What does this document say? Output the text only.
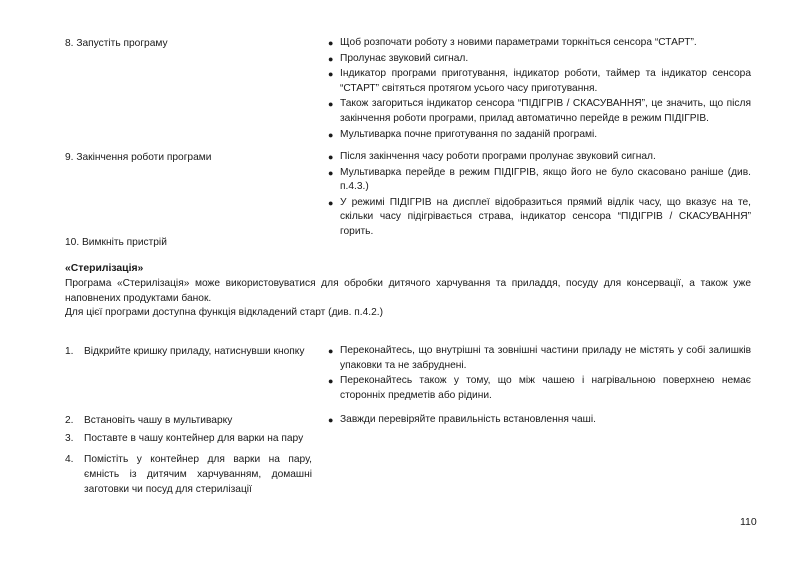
8. Запустіть програму	● Щоб розпочати роботу з новими параметрами торкніться сенсора “СТАРТ”.
● Пролунає звуковий сигнал.
● Індикатор програми приготування, індикатор роботи, таймер та індикатор сенсора “СТАРТ” світяться протягом усього часу приготування.
● Також загориться індикатор сенсора “ПІДІГРІВ / СКАСУВАННЯ”, це значить, що після закінчення роботи програми, прилад автоматично перейде в режим ПІДІГРІВ.
● Мультиварка почне приготування по заданій програмі.
9. Закінчення роботи програми	● Після закінчення часу роботи програми пролунає звуковий сигнал.
● Мультиварка перейде в режим ПІДІГРІВ, якщо його не було скасовано раніше (див. п.4.3.)
● У режимі ПІДІГРІВ на дисплеї відобразиться прямий відлік часу, що вказує на те, скільки часу підігрівається страва, індикатор сенсора “ПІДІГРІВ / СКАСУВАННЯ” горить.
10. Вимкніть пристрій
«Стерилізація»
Програма «Стерилізація» може використовуватися для обробки дитячого харчування та приладдя, посуду для консервації, а також уже наповнених продуктами банок.
Для цієї програми доступна функція відкладений старт (див. п.4.2.)
1.	Відкрийте кришку приладу, натиснувши кнопку	● Переконайтесь, що внутрішні та зовнішні частини приладу не містять у собі залишків упаковки та не забруднені.
● Переконайтесь також у тому, що між чашею і нагрівальною поверхнею немає сторонніх предметів або рідини.
2.	Встановіть чашу в мультиварку	● Завжди перевіряйте правильність встановлення чаші.
3.	Поставте в чашу контейнер для варки на пару
4.	Помістіть у контейнер для варки на пару, ємність із дитячим харчуванням, домашні заготовки чи посуд для стерилізації
110
